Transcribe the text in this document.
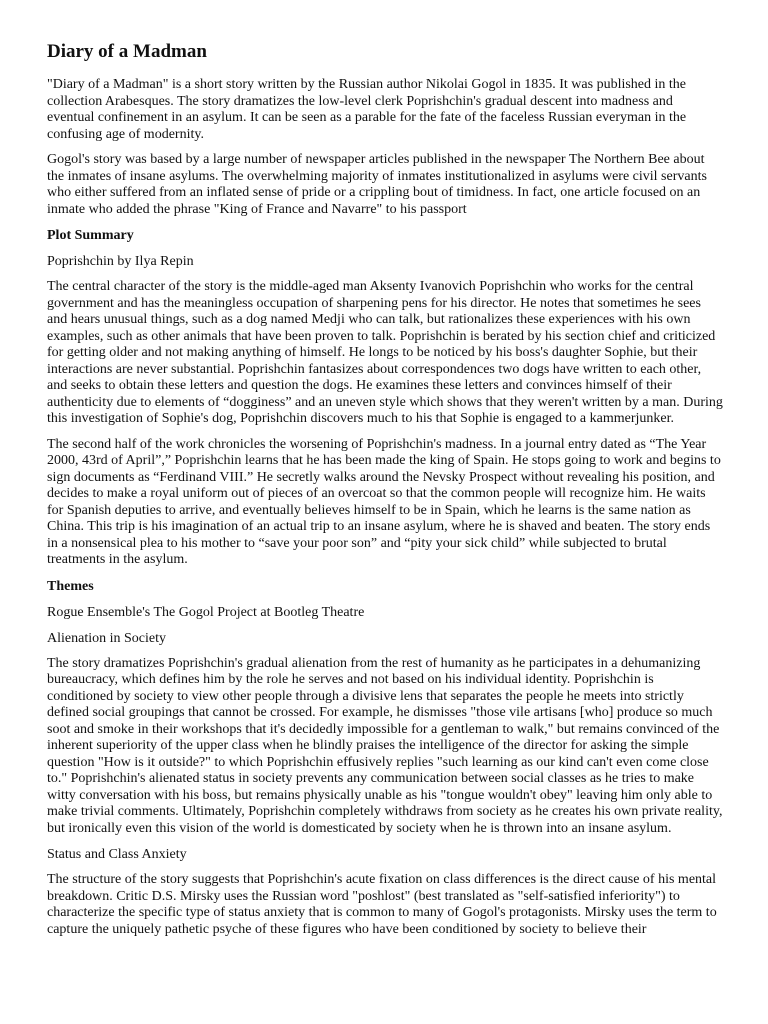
Diary of a Madman

"Diary of a Madman" is a short story written by the Russian author Nikolai Gogol in 1835. It was published in the collection Arabesques. The story dramatizes the low-level clerk Poprishchin's gradual descent into madness and eventual confinement in an asylum. It can be seen as a parable for the fate of the faceless Russian everyman in the confusing age of modernity.

Gogol's story was based by a large number of newspaper articles published in the newspaper The Northern Bee about the inmates of insane asylums. The overwhelming majority of inmates institutionalized in asylums were civil servants who either suffered from an inflated sense of pride or a crippling bout of timidness. In fact, one article focused on an inmate who added the phrase "King of France and Navarre" to his passport

Plot Summary

Poprishchin by Ilya Repin

The central character of the story is the middle-aged man Aksenty Ivanovich Poprishchin who works for the central government and has the meaningless occupation of sharpening pens for his director. He notes that sometimes he sees and hears unusual things, such as a dog named Medji who can talk, but rationalizes these experiences with his own examples, such as other animals that have been proven to talk. Poprishchin is berated by his section chief and criticized for getting older and not making anything of himself. He longs to be noticed by his boss's daughter Sophie, but their interactions are never substantial. Poprishchin fantasizes about correspondences two dogs have written to each other, and seeks to obtain these letters and question the dogs. He examines these letters and convinces himself of their authenticity due to elements of “dogginess” and an uneven style which shows that they weren't written by a man. During this investigation of Sophie's dog, Poprishchin discovers much to his that Sophie is engaged to a kammerjunker.

The second half of the work chronicles the worsening of Poprishchin's madness. In a journal entry dated as “The Year 2000, 43rd of April”,” Poprishchin learns that he has been made the king of Spain. He stops going to work and begins to sign documents as “Ferdinand VIII.” He secretly walks around the Nevsky Prospect without revealing his position, and decides to make a royal uniform out of pieces of an overcoat so that the common people will recognize him. He waits for Spanish deputies to arrive, and eventually believes himself to be in Spain, which he learns is the same nation as China. This trip is his imagination of an actual trip to an insane asylum, where he is shaved and beaten. The story ends in a nonsensical plea to his mother to “save your poor son” and “pity your sick child” while subjected to brutal treatments in the asylum.

Themes

Rogue Ensemble's The Gogol Project at Bootleg Theatre

Alienation in Society

The story dramatizes Poprishchin's gradual alienation from the rest of humanity as he participates in a dehumanizing bureaucracy, which defines him by the role he serves and not based on his individual identity. Poprishchin is conditioned by society to view other people through a divisive lens that separates the people he meets into strictly defined social groupings that cannot be crossed. For example, he dismisses "those vile artisans [who] produce so much soot and smoke in their workshops that it's decidedly impossible for a gentleman to walk," but remains convinced of the inherent superiority of the upper class when he blindly praises the intelligence of the director for asking the simple question "How is it outside?" to which Poprishchin effusively replies "such learning as our kind can't even come close to." Poprishchin's alienated status in society prevents any communication between social classes as he tries to make witty conversation with his boss, but remains physically unable as his "tongue wouldn't obey" leaving him only able to make trivial comments. Ultimately, Poprishchin completely withdraws from society as he creates his own private reality, but ironically even this vision of the world is domesticated by society when he is thrown into an insane asylum.

Status and Class Anxiety

The structure of the story suggests that Poprishchin's acute fixation on class differences is the direct cause of his mental breakdown. Critic D.S. Mirsky uses the Russian word "poshlost" (best translated as "self-satisfied inferiority") to characterize the specific type of status anxiety that is common to many of Gogol's protagonists. Mirsky uses the term to capture the uniquely pathetic psyche of these figures who have been conditioned by society to believe their
